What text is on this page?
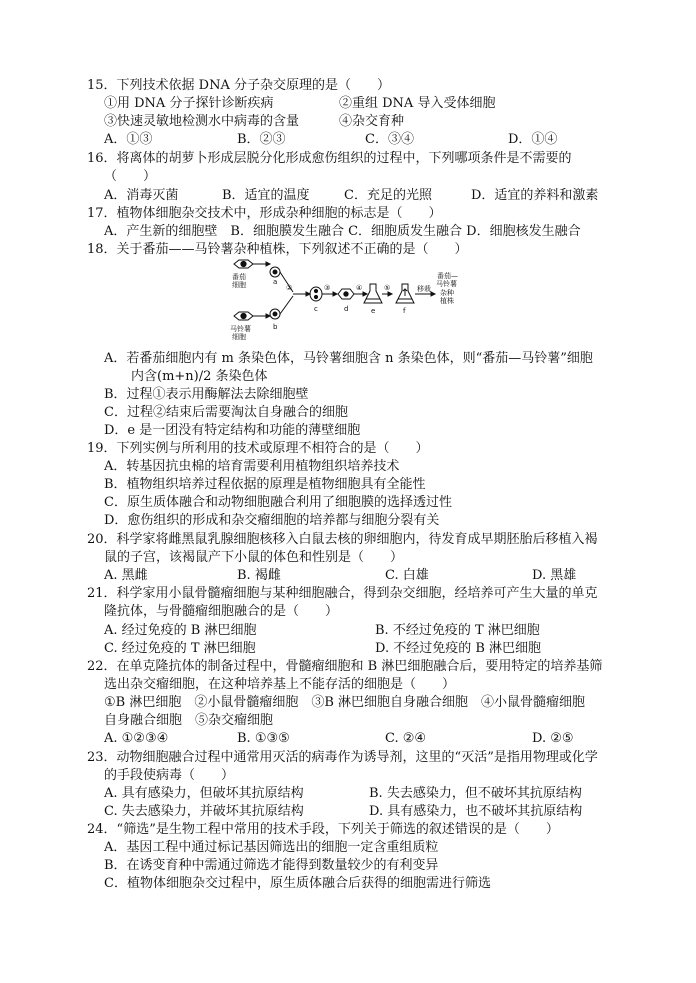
15．下列技术依据 DNA 分子杂交原理的是（　　）
①用 DNA 分子探针诊断疾病	②重组 DNA 导入受体细胞
③快速灵敏地检测水中病毒的含量	④杂交育种
A．①③	B．②③	C．③④	D．①④
16．将离体的胡萝卜形成层脱分化形成愈伤组织的过程中，下列哪项条件是不需要的
（　　）
A．消毒灭菌	B．适宜的温度	C．充足的光照	D．适宜的养料和激素
17．植物体细胞杂交技术中，形成杂种细胞的标志是（　　）
A．产生新的细胞壁　B．细胞膜发生融合 C．细胞质发生融合 D．细胞核发生融合
18．关于番茄——马铃薯杂种植株，下列叙述不正确的是（　　）
②	③	④	⑤
a
b
c	d	e	f
移栽
番茄
细胞
马铃薯
细胞
番茄—
马铃薯
杂种
植株
A．若番茄细胞内有 m 条染色体，马铃薯细胞含 n 条染色体，则“番茄—马铃薯”细胞
内含(m+n)/2 条染色体
B．过程①表示用酶解法去除细胞壁
C．过程②结束后需要淘汰自身融合的细胞
D．e 是一团没有特定结构和功能的薄壁细胞
19．下列实例与所利用的技术或原理不相符合的是（　　）
A．转基因抗虫棉的培育需要利用植物组织培养技术
B．植物组织培养过程依据的原理是植物细胞具有全能性
C．原生质体融合和动物细胞融合利用了细胞膜的选择透过性
D．愈伤组织的形成和杂交瘤细胞的培养都与细胞分裂有关
20．科学家将雌黑鼠乳腺细胞核移入白鼠去核的卵细胞内，待发育成早期胚胎后移植入褐
鼠的子宫，该褐鼠产下小鼠的体色和性别是（　　）
A. 黑雌	B. 褐雌	C. 白雄	D. 黑雄
21．科学家用小鼠骨髓瘤细胞与某种细胞融合，得到杂交细胞，经培养可产生大量的单克
隆抗体，与骨髓瘤细胞融合的是（　　）
A. 经过免疫的 B 淋巴细胞	B. 不经过免疫的 T 淋巴细胞
C. 经过免疫的 T 淋巴细胞	D. 不经过免疫的 B 淋巴细胞
22．在单克隆抗体的制备过程中，骨髓瘤细胞和 B 淋巴细胞融合后，要用特定的培养基筛
选出杂交瘤细胞，在这种培养基上不能存活的细胞是（　　）
①B 淋巴细胞　②小鼠骨髓瘤细胞　③B 淋巴细胞自身融合细胞　④小鼠骨髓瘤细胞
自身融合细胞　⑤杂交瘤细胞
A. ①②③④	B. ①③⑤	C. ②④	D. ②⑤
23．动物细胞融合过程中通常用灭活的病毒作为诱导剂，这里的“灭活”是指用物理或化学
的手段使病毒（　　）
A. 具有感染力，但破坏其抗原结构	B. 失去感染力，但不破坏其抗原结构
C. 失去感染力，并破坏其抗原结构	D. 具有感染力，也不破坏其抗原结构
24．“筛选”是生物工程中常用的技术手段，下列关于筛选的叙述错误的是（　　）
A．基因工程中通过标记基因筛选出的细胞一定含重组质粒
B．在诱变育种中需通过筛选才能得到数量较少的有利变异
C．植物体细胞杂交过程中，原生质体融合后获得的细胞需进行筛选
